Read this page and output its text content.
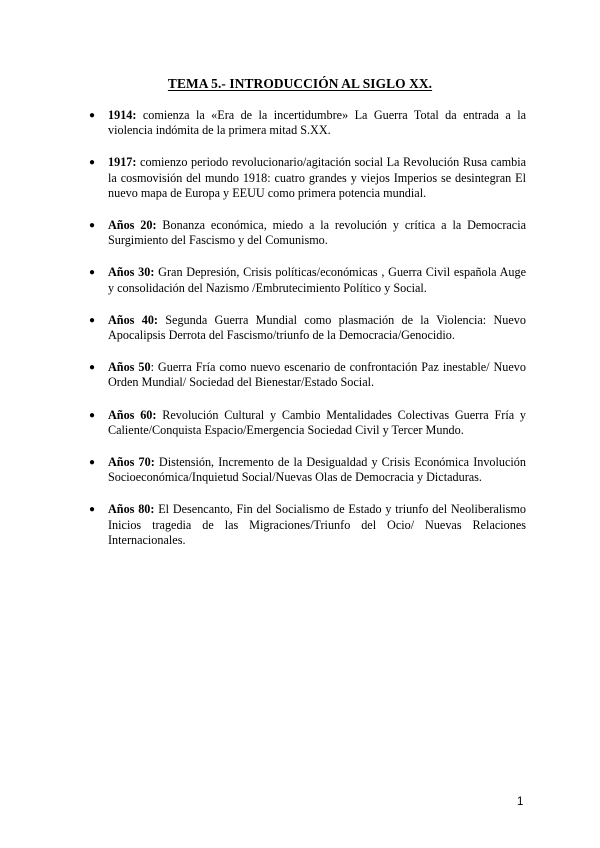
TEMA 5.- INTRODUCCIÓN AL SIGLO XX.
● 1914: comienza la «Era de la incertidumbre» La Guerra Total da entrada a la violencia indómita de la primera mitad S.XX.
● 1917: comienzo periodo revolucionario/agitación social La Revolución Rusa cambia la cosmovisión del mundo 1918: cuatro grandes y viejos Imperios se desintegran El nuevo mapa de Europa y EEUU como primera potencia mundial.
● Años 20: Bonanza económica, miedo a la revolución y crítica a la Democracia Surgimiento del Fascismo y del Comunismo.
● Años 30: Gran Depresión, Crisis políticas/económicas , Guerra Civil española Auge y consolidación del Nazismo /Embrutecimiento Político y Social.
● Años 40: Segunda Guerra Mundial como plasmación de la Violencia: Nuevo Apocalipsis Derrota del Fascismo/triunfo de la Democracia/Genocidio.
● Años 50: Guerra Fría como nuevo escenario de confrontación Paz inestable/ Nuevo Orden Mundial/ Sociedad del Bienestar/Estado Social.
● Años 60: Revolución Cultural y Cambio Mentalidades Colectivas Guerra Fría y Caliente/Conquista Espacio/Emergencia Sociedad Civil y Tercer Mundo.
● Años 70: Distensión, Incremento de la Desigualdad y Crisis Económica Involución Socioeconómica/Inquietud Social/Nuevas Olas de Democracia y Dictaduras.
● Años 80: El Desencanto, Fin del Socialismo de Estado y triunfo del Neoliberalismo Inicios tragedia de las Migraciones/Triunfo del Ocio/ Nuevas Relaciones Internacionales.
1
